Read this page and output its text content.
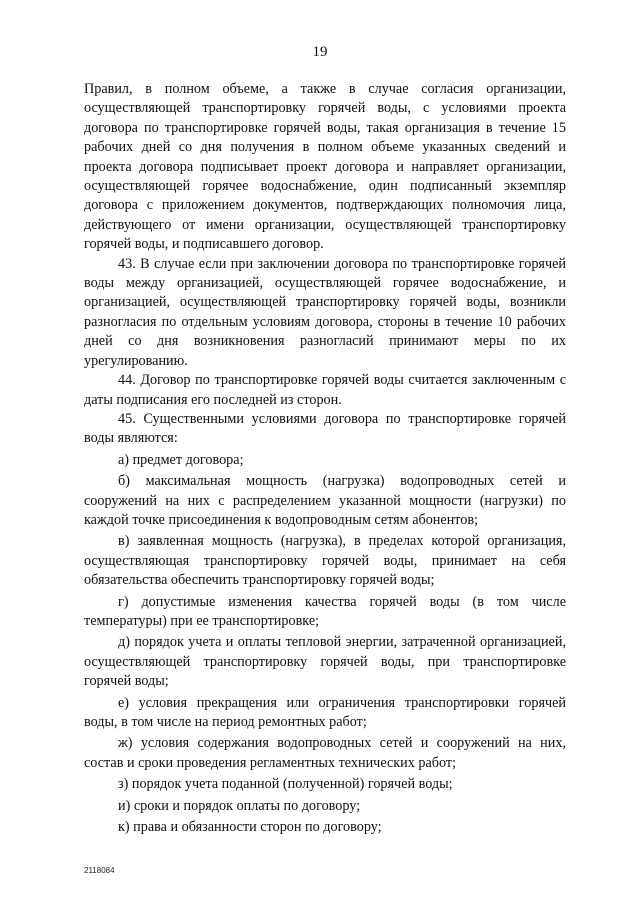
19

Правил, в полном объеме, а также в случае согласия организации, осуществляющей транспортировку горячей воды, с условиями проекта договора по транспортировке горячей воды, такая организация в течение 15 рабочих дней со дня получения в полном объеме указанных сведений и проекта договора подписывает проект договора и направляет организации, осуществляющей горячее водоснабжение, один подписанный экземпляр договора с приложением документов, подтверждающих полномочия лица, действующего от имени организации, осуществляющей транспортировку горячей воды, и подписавшего договор.

43. В случае если при заключении договора по транспортировке горячей воды между организацией, осуществляющей горячее водоснабжение, и организацией, осуществляющей транспортировку горячей воды, возникли разногласия по отдельным условиям договора, стороны в течение 10 рабочих дней со дня возникновения разногласий принимают меры по их урегулированию.

44. Договор по транспортировке горячей воды считается заключенным с даты подписания его последней из сторон.

45. Существенными условиями договора по транспортировке горячей воды являются:

а) предмет договора;

б) максимальная мощность (нагрузка) водопроводных сетей и сооружений на них с распределением указанной мощности (нагрузки) по каждой точке присоединения к водопроводным сетям абонентов;

в) заявленная мощность (нагрузка), в пределах которой организация, осуществляющая транспортировку горячей воды, принимает на себя обязательства обеспечить транспортировку горячей воды;

г) допустимые изменения качества горячей воды (в том числе температуры) при ее транспортировке;

д) порядок учета и оплаты тепловой энергии, затраченной организацией, осуществляющей транспортировку горячей воды, при транспортировке горячей воды;

е) условия прекращения или ограничения транспортировки горячей воды, в том числе на период ремонтных работ;

ж) условия содержания водопроводных сетей и сооружений на них, состав и сроки проведения регламентных технических работ;

з) порядок учета поданной (полученной) горячей воды;

и) сроки и порядок оплаты по договору;

к) права и обязанности сторон по договору;

2118084
